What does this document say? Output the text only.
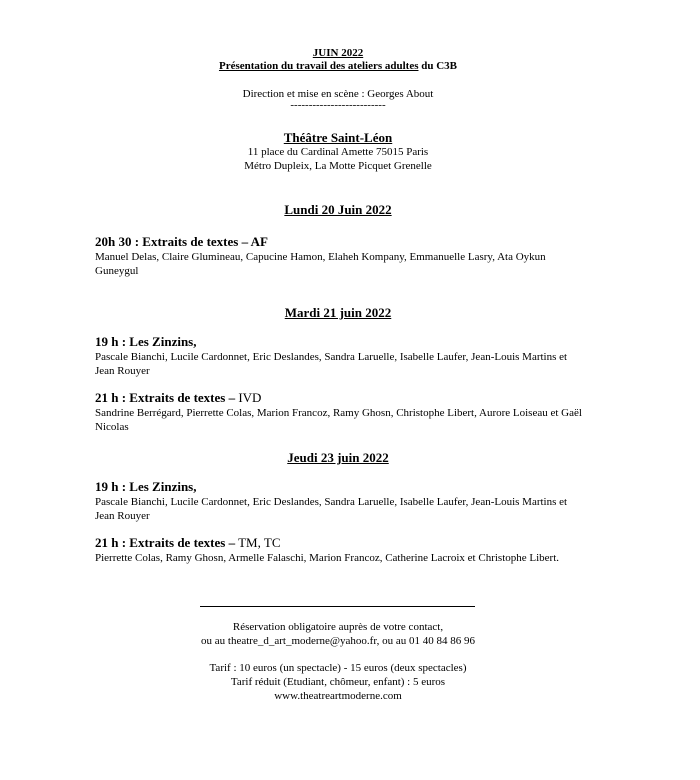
JUIN 2022
Présentation du travail des ateliers adultes du C3B
Direction et mise en scène : Georges About
--------------------------
Théâtre Saint-Léon
11 place du Cardinal Amette 75015 Paris
Métro Dupleix, La Motte Picquet Grenelle
Lundi 20 Juin 2022
20h 30 : Extraits de textes – AF
Manuel Delas, Claire Glumineau, Capucine Hamon, Elaheh Kompany, Emmanuelle Lasry, Ata Oykun Guneygul
Mardi 21 juin 2022
19 h : Les Zinzins,
Pascale Bianchi, Lucile Cardonnet, Eric Deslandes, Sandra Laruelle, Isabelle Laufer, Jean-Louis Martins et Jean Rouyer
21 h : Extraits de textes – IVD
Sandrine Berrégard, Pierrette Colas, Marion Francoz, Ramy Ghosn, Christophe Libert, Aurore Loiseau et Gaël Nicolas
Jeudi 23 juin 2022
19 h : Les Zinzins,
Pascale Bianchi, Lucile Cardonnet, Eric Deslandes, Sandra Laruelle, Isabelle Laufer, Jean-Louis Martins et Jean Rouyer
21 h : Extraits de textes – TM, TC
Pierrette Colas, Ramy Ghosn, Armelle Falaschi, Marion Francoz, Catherine Lacroix et Christophe Libert.
Réservation obligatoire auprès de votre contact,
ou au theatre_d_art_moderne@yahoo.fr, ou au 01 40 84 86 96
Tarif : 10 euros (un spectacle) - 15 euros (deux spectacles)
Tarif réduit (Etudiant, chômeur, enfant) : 5 euros
www.theatreartmoderne.com
